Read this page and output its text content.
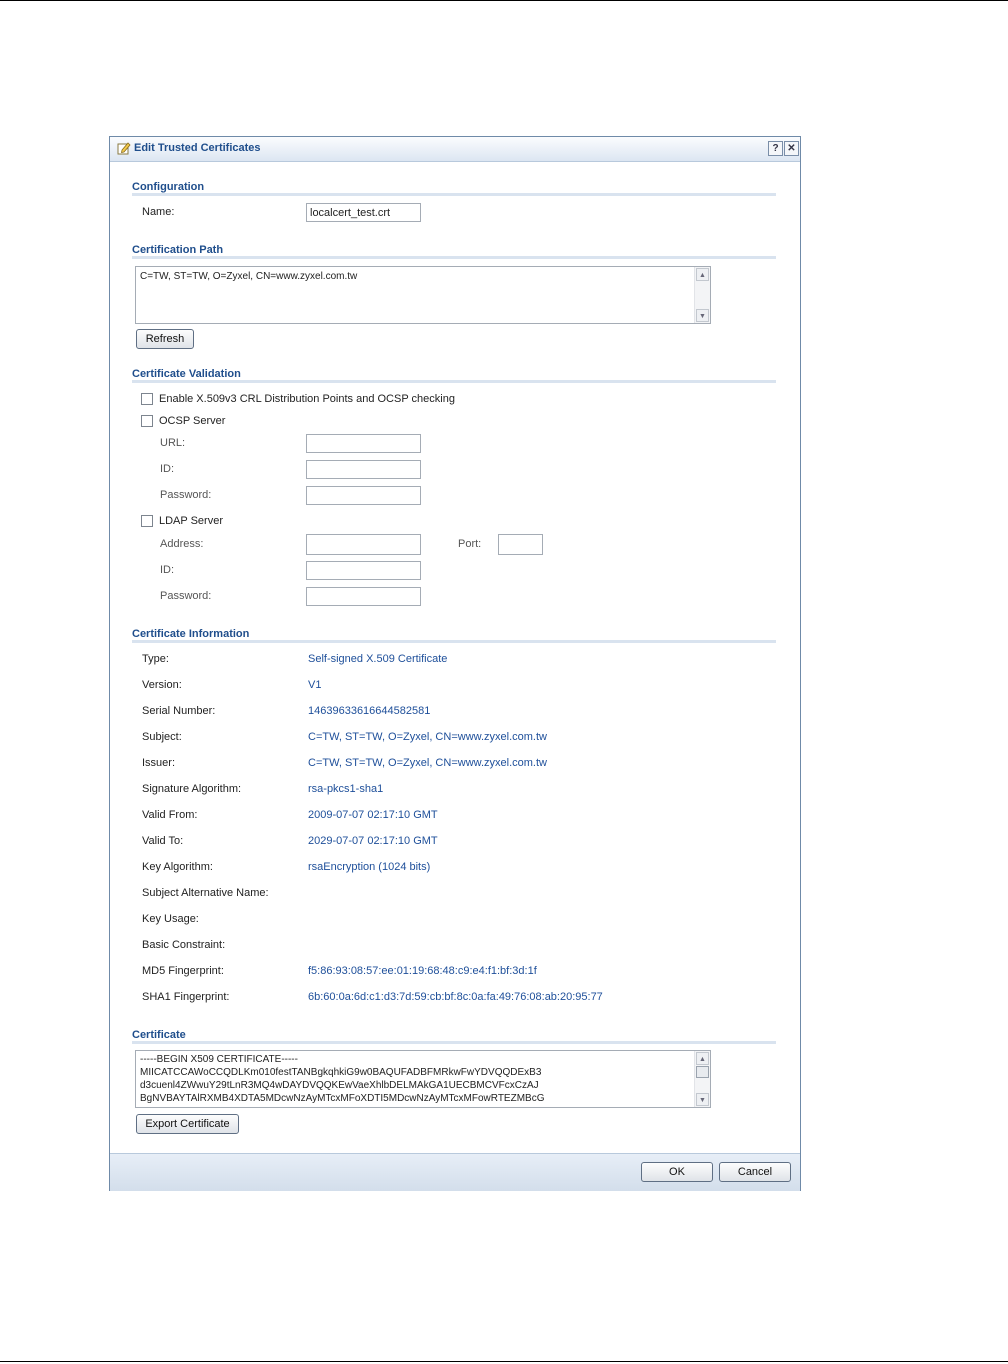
Edit Trusted Certificates	? ✕
Configuration
Name:
localcert_test.crt
Certification Path
C=TW, ST=TW, O=Zyxel, CN=www.zyxel.com.tw	▲
▼
Refresh
Certificate Validation
Enable X.509v3 CRL Distribution Points and OCSP checking
OCSP Server
URL:
ID:
Password:
LDAP Server
Address:	Port:
ID:
Password:
Certificate Information
Type:	Self-signed X.509 Certificate
Version:	V1
Serial Number:	14639633616644582581
Subject:	C=TW, ST=TW, O=Zyxel, CN=www.zyxel.com.tw
Issuer:	C=TW, ST=TW, O=Zyxel, CN=www.zyxel.com.tw
Signature Algorithm:	rsa-pkcs1-sha1
Valid From:	2009-07-07 02:17:10 GMT
Valid To:	2029-07-07 02:17:10 GMT
Key Algorithm:	rsaEncryption (1024 bits)
Subject Alternative Name:
Key Usage:
Basic Constraint:
MD5 Fingerprint:	f5:86:93:08:57:ee:01:19:68:48:c9:e4:f1:bf:3d:1f
SHA1 Fingerprint:	6b:60:0a:6d:c1:d3:7d:59:cb:bf:8c:0a:fa:49:76:08:ab:20:95:77
Certificate
-----BEGIN X509 CERTIFICATE-----
MIICATCCAWoCCQDLKm010festTANBgkqhkiG9w0BAQUFADBFMRkwFwYDVQQDExB3
d3cuenl4ZWwuY29tLnR3MQ4wDAYDVQQKEwVaeXhlbDELMAkGA1UECBMCVFcxCzAJ
BgNVBAYTAlRXMB4XDTA5MDcwNzAyMTcxMFoXDTI5MDcwNzAyMTcxMFowRTEZMBcG
▲
▼
Export Certificate
OK	Cancel
